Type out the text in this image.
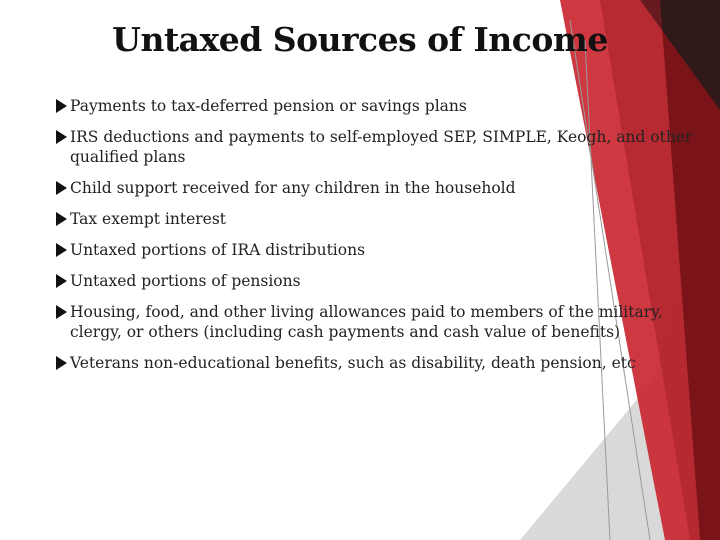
Untaxed Sources of Income
Payments to tax-deferred pension or savings plans
IRS deductions and payments to self-employed SEP, SIMPLE, Keogh, and other qualified plans
Child support received for any children in the household
Tax exempt interest
Untaxed portions of IRA distributions
Untaxed portions of pensions
Housing, food, and other living allowances paid to members of the military, clergy, or others (including cash payments and cash value of benefits)
Veterans non-educational benefits, such as disability, death pension, etc
